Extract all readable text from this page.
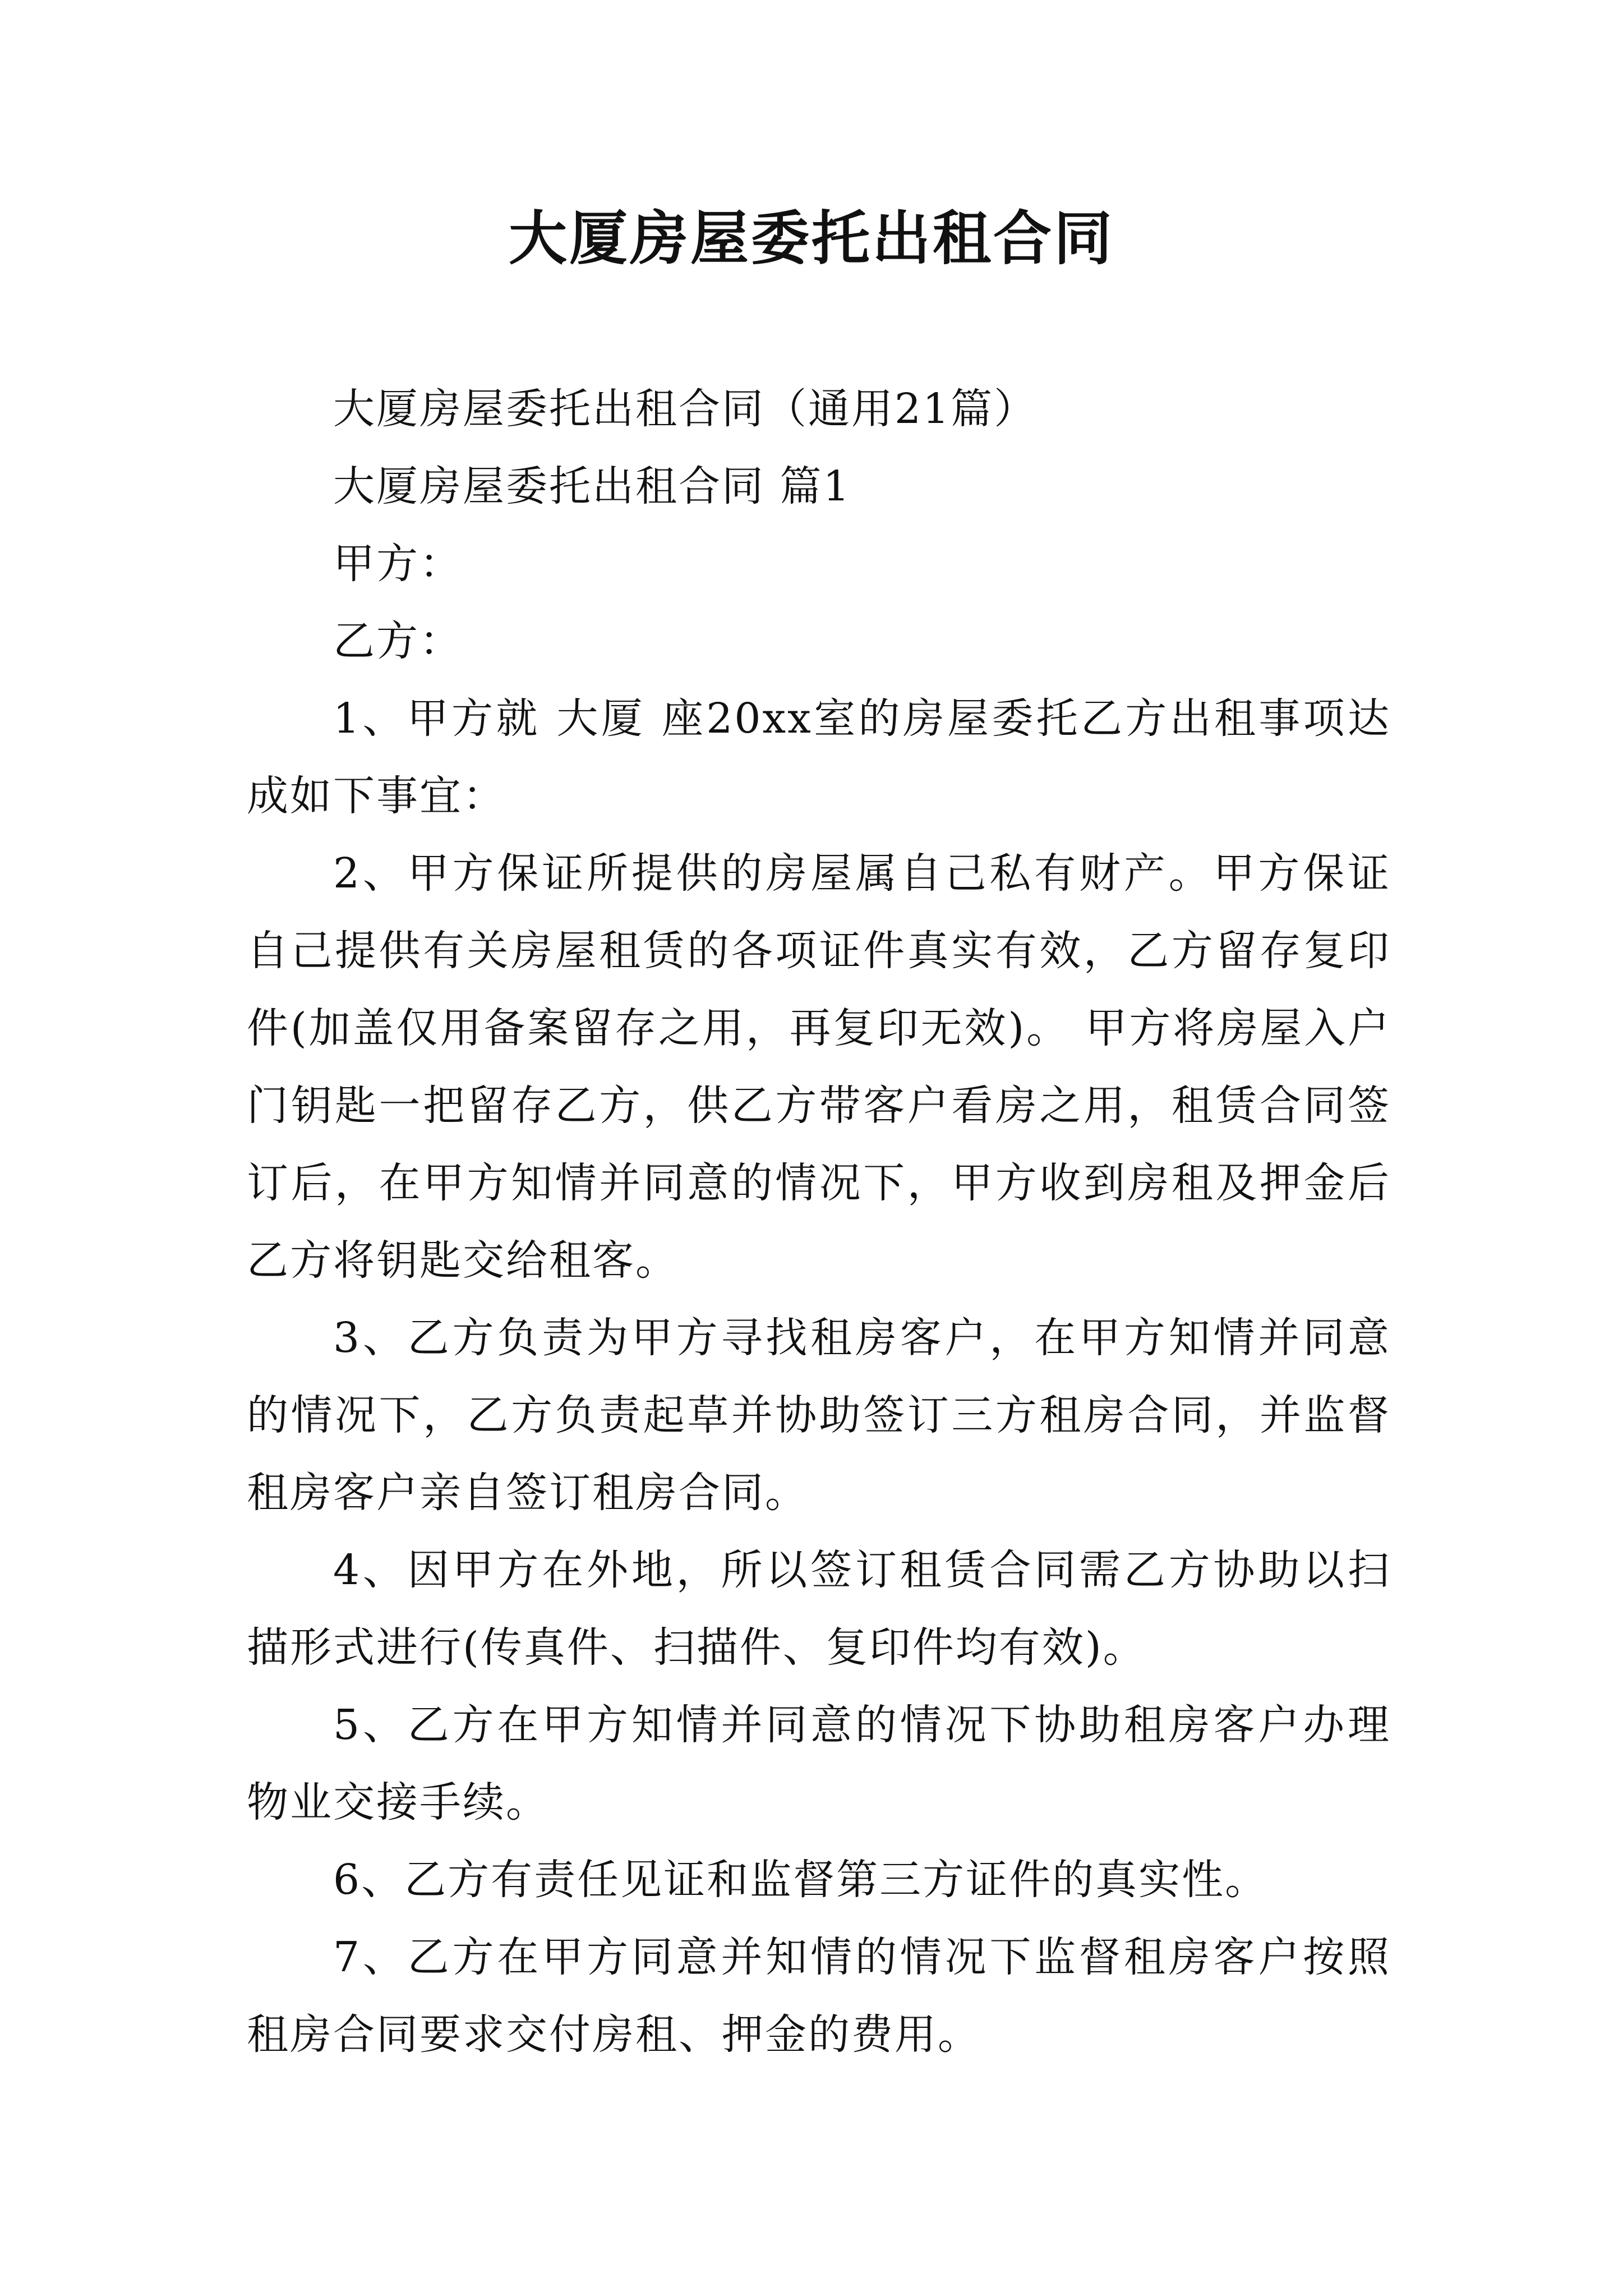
大厦房屋委托出租合同

大厦房屋委托出租合同（通用21篇）

大厦房屋委托出租合同 篇1

甲方：

乙方：

1、甲方就 大厦 座20xx室的房屋委托乙方出租事项达成如下事宜：

2、甲方保证所提供的房屋属自己私有财产。甲方保证自己提供有关房屋租赁的各项证件真实有效，乙方留存复印件(加盖仅用备案留存之用，再复印无效)。 甲方将房屋入户门钥匙一把留存乙方，供乙方带客户看房之用，租赁合同签订后，在甲方知情并同意的情况下，甲方收到房租及押金后乙方将钥匙交给租客。

3、乙方负责为甲方寻找租房客户，在甲方知情并同意的情况下，乙方负责起草并协助签订三方租房合同，并监督租房客户亲自签订租房合同。

4、因甲方在外地，所以签订租赁合同需乙方协助以扫描形式进行(传真件、扫描件、复印件均有效)。

5、乙方在甲方知情并同意的情况下协助租房客户办理物业交接手续。

6、乙方有责任见证和监督第三方证件的真实性。

7、乙方在甲方同意并知情的情况下监督租房客户按照租房合同要求交付房租、押金的费用。
